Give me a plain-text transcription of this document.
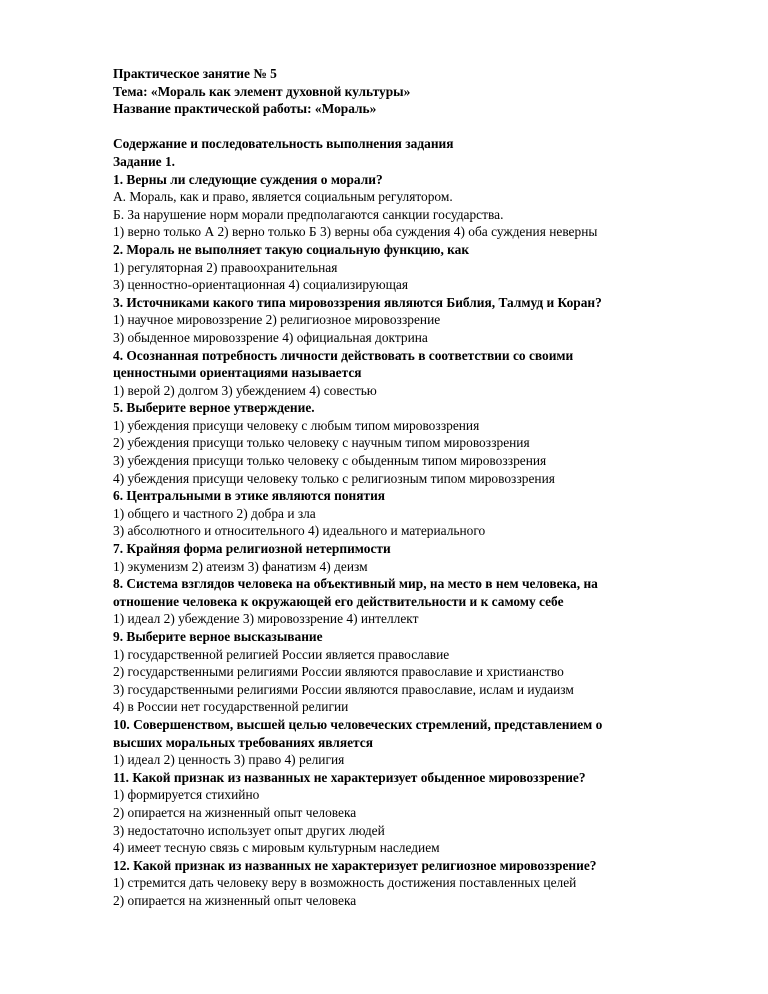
Практическое занятие № 5
Тема: «Мораль как элемент духовной культуры»
Название практической работы: «Мораль»
Содержание и последовательность выполнения задания
Задание 1.
1. Верны ли следующие суждения о морали?
А. Мораль, как и право, является социальным регулятором.
Б. За нарушение норм морали предполагаются санкции государства.
1) верно только А 2) верно только Б 3) верны оба суждения 4) оба суждения неверны
2. Мораль не выполняет такую социальную функцию, как
1) регуляторная 2) правоохранительная
3) ценностно-ориентационная 4) социализирующая
3. Источниками какого типа мировоззрения являются Библия, Талмуд и Коран?
1) научное мировоззрение 2) религиозное мировоззрение
3) обыденное мировоззрение 4) официальная доктрина
4. Осознанная потребность личности действовать в соответствии со своими
ценностными ориентациями называется
1) верой 2) долгом 3) убеждением 4) совестью
5. Выберите верное утверждение.
1) убеждения присущи человеку с любым типом мировоззрения
2) убеждения присущи только человеку с научным типом мировоззрения
3) убеждения присущи только человеку с обыденным типом мировоззрения
4) убеждения присущи человеку только с религиозным типом мировоззрения
6. Центральными в этике являются понятия
1) общего и частного 2) добра и зла
3) абсолютного и относительного 4) идеального и материального
7. Крайняя форма религиозной нетерпимости
1) экуменизм 2) атеизм 3) фанатизм 4) деизм
8. Система взглядов человека на объективный мир, на место в нем человека, на
отношение человека к окружающей его действительности и к самому себе
1) идеал 2) убеждение 3) мировоззрение 4) интеллект
9. Выберите верное высказывание
1) государственной религией России является православие
2) государственными религиями России являются православие и христианство
3) государственными религиями России являются православие, ислам и иудаизм
4) в России нет государственной религии
10. Совершенством, высшей целью человеческих стремлений, представлением о
высших моральных требованиях является
1) идеал 2) ценность 3) право 4) религия
11. Какой признак из названных не характеризует обыденное мировоззрение?
1) формируется стихийно
2) опирается на жизненный опыт человека
3) недостаточно использует опыт других людей
4) имеет тесную связь с мировым культурным наследием
12. Какой признак из названных не характеризует религиозное мировоззрение?
1) стремится дать человеку веру в возможность достижения поставленных целей
2) опирается на жизненный опыт человека
